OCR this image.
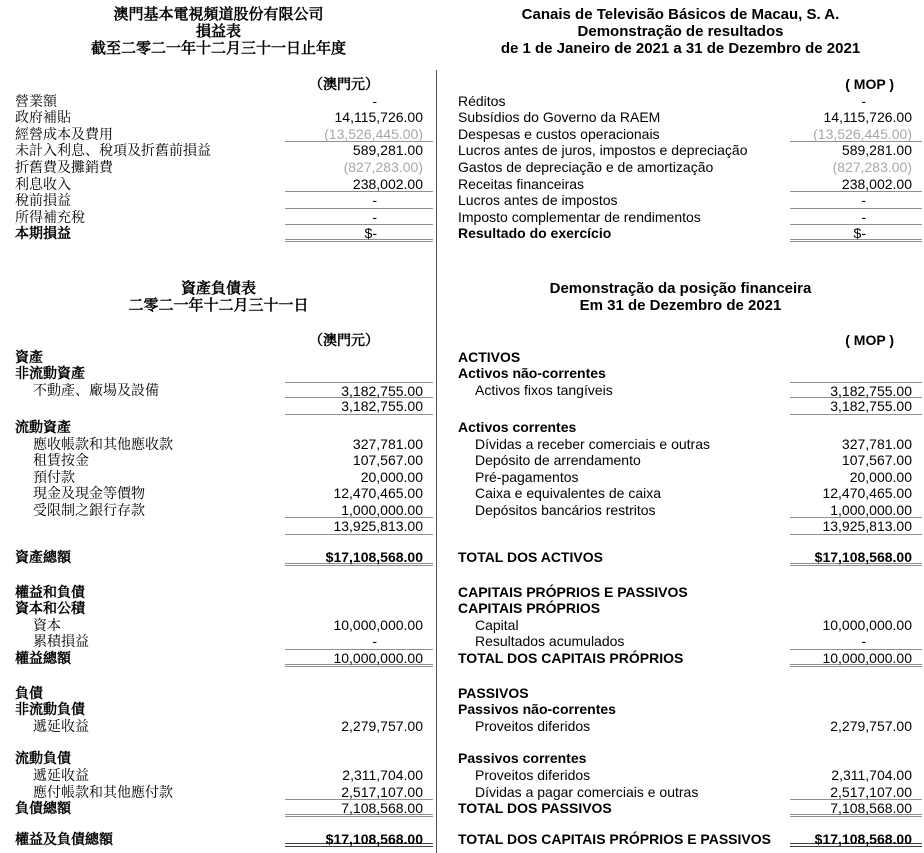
澳門基本電視頻道股份有限公司
損益表
截至二零二一年十二月三十一日止年度
（澳門元）
營業額	-
政府補貼	14,115,726.00
經營成本及費用	(13,526,445.00)
未計入利息、稅項及折舊前損益	589,281.00
折舊費及攤銷費	(827,283.00)
利息收入	238,002.00
稅前損益	-
所得補充稅	-
本期損益	$-
資產負債表
二零二一年十二月三十一日
（澳門元）
資產
非流動資產
不動產、廠場及設備	3,182,755.00
3,182,755.00
流動資產
應收帳款和其他應收款	327,781.00
租賃按金	107,567.00
預付款	20,000.00
現金及現金等價物	12,470,465.00
受限制之銀行存款	1,000,000.00
13,925,813.00
資產總額	$17,108,568.00
權益和負債
資本和公積
資本	10,000,000.00
累積損益	-
權益總額	10,000,000.00
負債
非流動負債
遞延收益	2,279,757.00
流動負債
遞延收益	2,311,704.00
應付帳款和其他應付款	2,517,107.00
負債總額	7,108,568.00
權益及負債總額	$17,108,568.00
Canais de Televisão Básicos de Macau, S. A.
Demonstração de resultados
de 1 de Janeiro de 2021 a 31 de Dezembro de 2021
( MOP )
Réditos	-
Subsídios do Governo da RAEM	14,115,726.00
Despesas e custos operacionais	(13,526,445.00)
Lucros antes de juros, impostos e depreciação	589,281.00
Gastos de depreciação e de amortização	(827,283.00)
Receitas financeiras	238,002.00
Lucros antes de impostos	-
Imposto complementar de rendimentos	-
Resultado do exercício	$-
Demonstração da posição financeira
Em 31 de Dezembro de 2021
( MOP )
ACTIVOS
Activos não-correntes
Activos fixos tangíveis	3,182,755.00
3,182,755.00
Activos correntes
Dívidas a receber comerciais e outras	327,781.00
Depósito de arrendamento	107,567.00
Pré-pagamentos	20,000.00
Caixa e equivalentes de caixa	12,470,465.00
Depósitos bancários restritos	1,000,000.00
13,925,813.00
TOTAL DOS ACTIVOS	$17,108,568.00
CAPITAIS PRÓPRIOS E PASSIVOS
CAPITAIS PRÓPRIOS
Capital	10,000,000.00
Resultados acumulados	-
TOTAL DOS CAPITAIS PRÓPRIOS	10,000,000.00
PASSIVOS
Passivos não-correntes
Proveitos diferidos	2,279,757.00
Passivos correntes
Proveitos diferidos	2,311,704.00
Dívidas a pagar comerciais e outras	2,517,107.00
TOTAL DOS PASSIVOS	7,108,568.00
TOTAL DOS CAPITAIS PRÓPRIOS E PASSIVOS	$17,108,568.00
